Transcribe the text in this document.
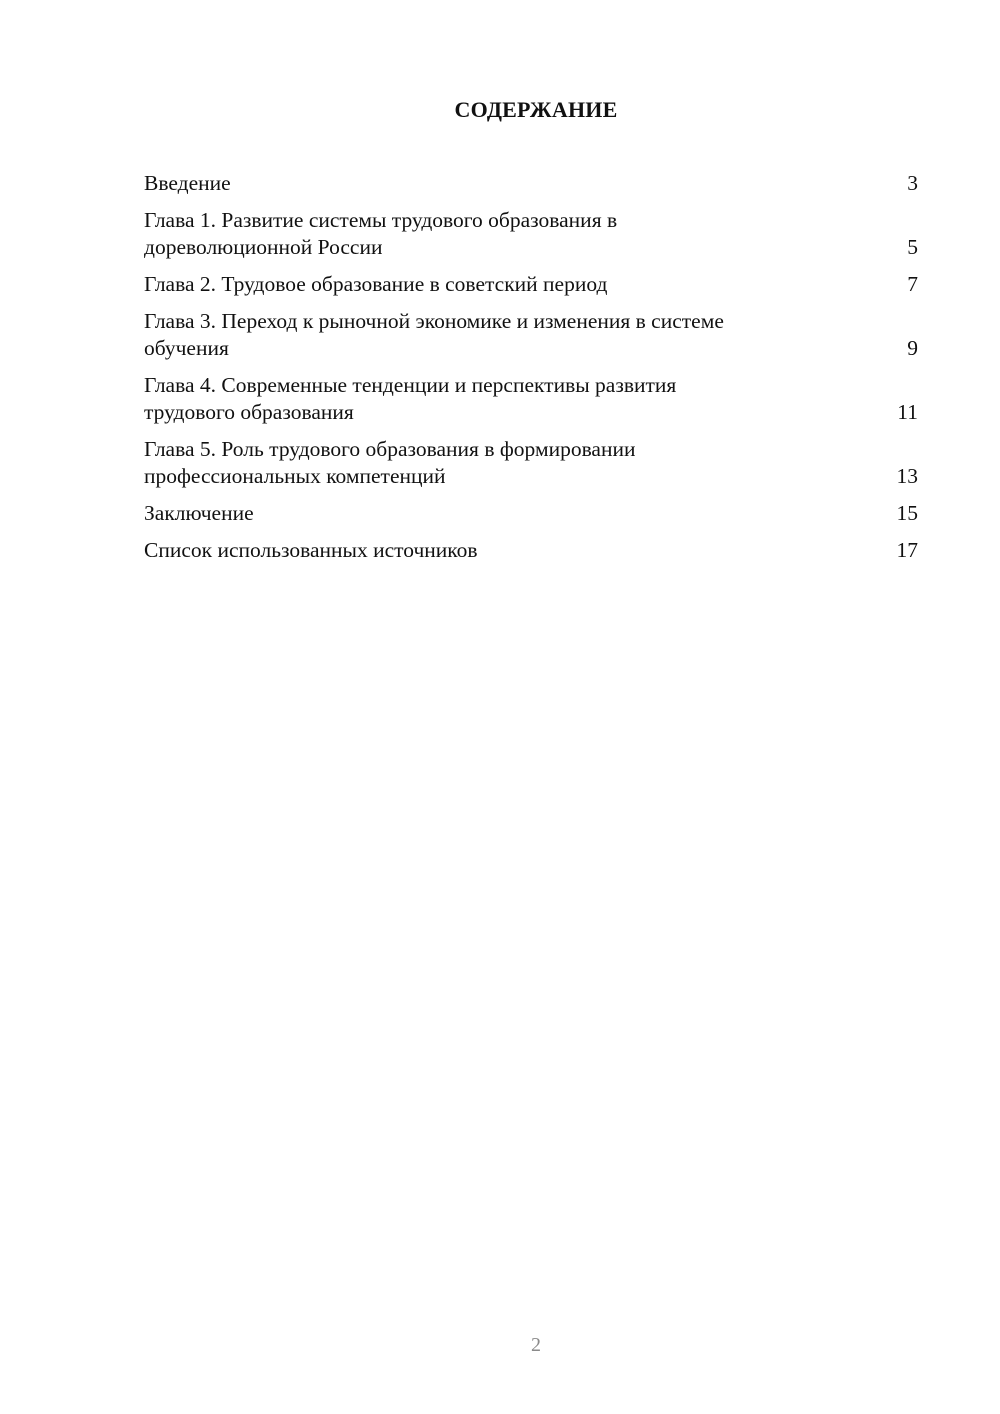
СОДЕРЖАНИЕ
Введение	3
Глава 1. Развитие системы трудового образования в
дореволюционной России	5
Глава 2. Трудовое образование в советский период	7
Глава 3. Переход к рыночной экономике и изменения в системе
обучения	9
Глава 4. Современные тенденции и перспективы развития
трудового образования	11
Глава 5. Роль трудового образования в формировании
профессиональных компетенций	13
Заключение	15
Список использованных источников	17
2
